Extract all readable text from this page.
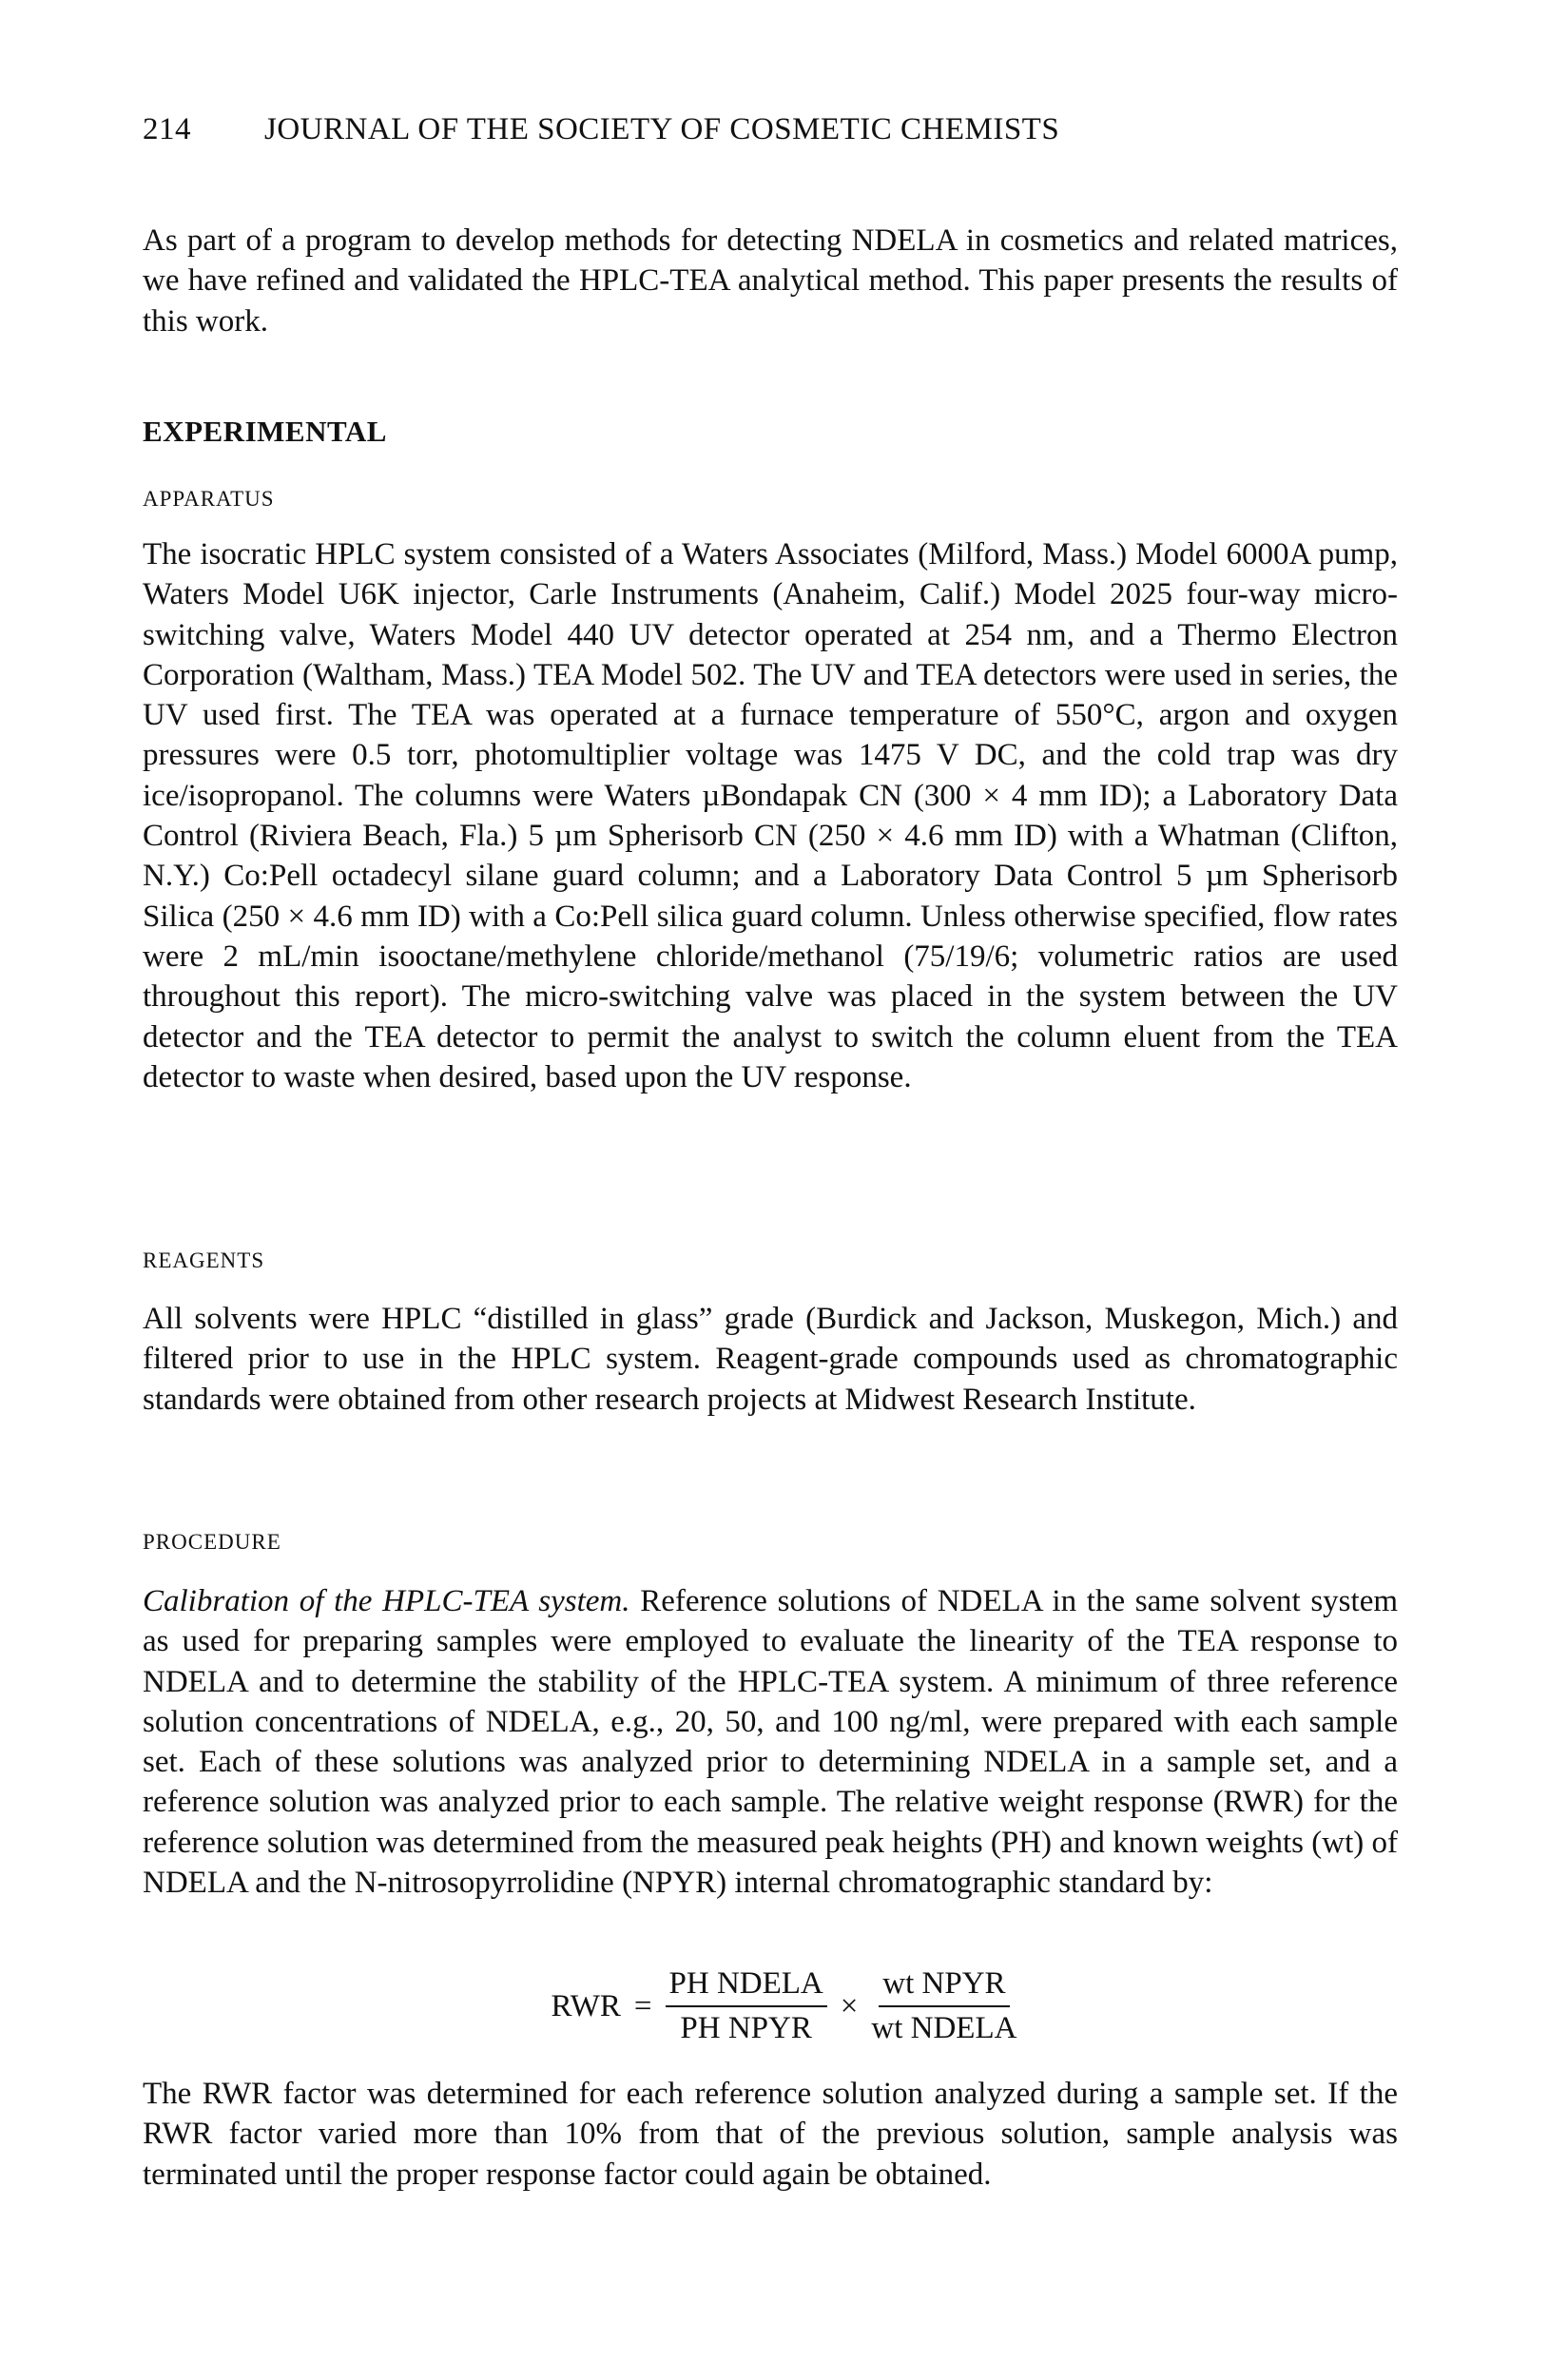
214 JOURNAL OF THE SOCIETY OF COSMETIC CHEMISTS

As part of a program to develop methods for detecting NDELA in cosmetics and related matrices, we have refined and validated the HPLC-TEA analytical method. This paper presents the results of this work.

EXPERIMENTAL
APPARATUS

The isocratic HPLC system consisted of a Waters Associates (Milford, Mass.) Model 6000A pump, Waters Model U6K injector, Carle Instruments (Anaheim, Calif.) Model 2025 four-way micro-switching valve, Waters Model 440 UV detector operated at 254 nm, and a Thermo Electron Corporation (Waltham, Mass.) TEA Model 502. The UV and TEA detectors were used in series, the UV used first. The TEA was operated at a furnace temperature of 550°C, argon and oxygen pressures were 0.5 torr, photomultiplier voltage was 1475 V DC, and the cold trap was dry ice/isopropanol. The columns were Waters µBondapak CN (300 × 4 mm ID); a Laboratory Data Control (Riviera Beach, Fla.) 5 µm Spherisorb CN (250 × 4.6 mm ID) with a Whatman (Clifton, N.Y.) Co:Pell octadecyl silane guard column; and a Laboratory Data Control 5 µm Spherisorb Silica (250 × 4.6 mm ID) with a Co:Pell silica guard column. Unless otherwise specified, flow rates were 2 mL/min isooctane/methylene chloride/methanol (75/19/6; volumetric ratios are used throughout this report). The micro-switching valve was placed in the system between the UV detector and the TEA detector to permit the analyst to switch the column eluent from the TEA detector to waste when desired, based upon the UV response.

REAGENTS

All solvents were HPLC “distilled in glass” grade (Burdick and Jackson, Muskegon, Mich.) and filtered prior to use in the HPLC system. Reagent-grade compounds used as chromatographic standards were obtained from other research projects at Midwest Research Institute.

PROCEDURE

Calibration of the HPLC-TEA system. Reference solutions of NDELA in the same solvent system as used for preparing samples were employed to evaluate the linearity of the TEA response to NDELA and to determine the stability of the HPLC-TEA system. A minimum of three reference solution concentrations of NDELA, e.g., 20, 50, and 100 ng/ml, were prepared with each sample set. Each of these solutions was analyzed prior to determining NDELA in a sample set, and a reference solution was analyzed prior to each sample. The relative weight response (RWR) for the reference solution was determined from the measured peak heights (PH) and known weights (wt) of NDELA and the N-nitrosopyrrolidine (NPYR) internal chromatographic standard by:

RWR = $\frac{\text{PH NDELA}}{\text{PH NPYR}} \times \frac{\text{wt NPYR}}{\text{wt NDELA}}$

The RWR factor was determined for each reference solution analyzed during a sample set. If the RWR factor varied more than 10% from that of the previous solution, sample analysis was terminated until the proper response factor could again be obtained.
